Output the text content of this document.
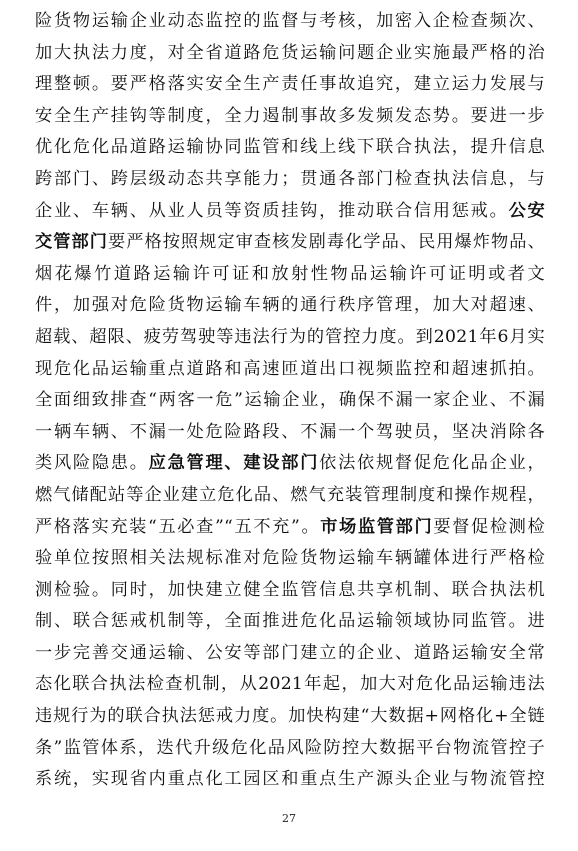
险货物运输企业动态监控的监督与考核，加密入企检查频次、
加大执法力度，对全省道路危货运输问题企业实施最严格的治
理整顿。要严格落实安全生产责任事故追究，建立运力发展与
安全生产挂钩等制度，全力遏制事故多发频发态势。要进一步
优化危化品道路运输协同监管和线上线下联合执法，提升信息
跨部门、跨层级动态共享能力；贯通各部门检查执法信息，与
企业、车辆、从业人员等资质挂钩，推动联合信用惩戒。公安
交管部门要严格按照规定审查核发剧毒化学品、民用爆炸物品、
烟花爆竹道路运输许可证和放射性物品运输许可证明或者文
件，加强对危险货物运输车辆的通行秩序管理，加大对超速、
超载、超限、疲劳驾驶等违法行为的管控力度。到2021年6月实
现危化品运输重点道路和高速匝道出口视频监控和超速抓拍。
全面细致排查“两客一危”运输企业，确保不漏一家企业、不漏
一辆车辆、不漏一处危险路段、不漏一个驾驶员，坚决消除各
类风险隐患。应急管理、建设部门依法依规督促危化品企业，
燃气储配站等企业建立危化品、燃气充装管理制度和操作规程，
严格落实充装“五必查”“五不充”。市场监管部门要督促检测检
验单位按照相关法规标准对危险货物运输车辆罐体进行严格检
测检验。同时，加快建立健全监管信息共享机制、联合执法机
制、联合惩戒机制等，全面推进危化品运输领域协同监管。进
一步完善交通运输、公安等部门建立的企业、道路运输安全常
态化联合执法检查机制，从2021年起，加大对危化品运输违法
违规行为的联合执法惩戒力度。加快构建“大数据+网格化+全链
条”监管体系，迭代升级危化品风险防控大数据平台物流管控子
系统，实现省内重点化工园区和重点生产源头企业与物流管控
27
